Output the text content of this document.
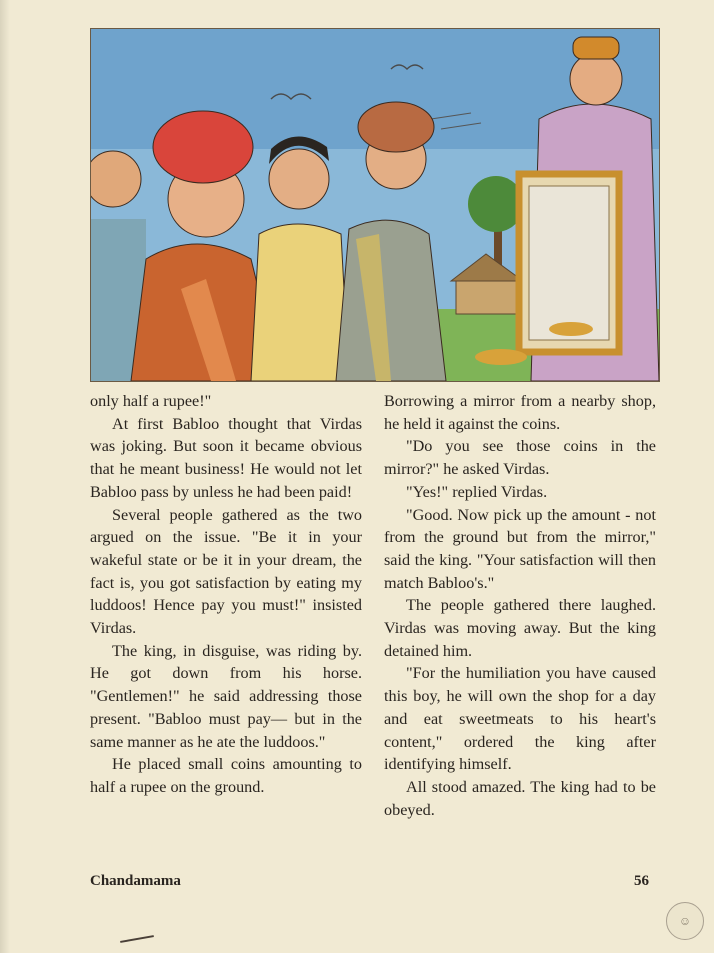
only half a rupee!"

At first Babloo thought that Virdas was joking. But soon it became obvious that he meant business! He would not let Babloo pass by unless he had been paid!

Several people gathered as the two argued on the issue. "Be it in your wakeful state or be it in your dream, the fact is, you got satisfaction by eating my luddoos! Hence pay you must!" insisted Virdas.

The king, in disguise, was riding by. He got down from his horse. "Gentlemen!" he said addressing those present. "Babloo must pay— but in the same manner as he ate the luddoos."

He placed small coins amounting to half a rupee on the ground.

Borrowing a mirror from a nearby shop, he held it against the coins.

"Do you see those coins in the mirror?" he asked Virdas.

"Yes!" replied Virdas.

"Good. Now pick up the amount - not from the ground but from the mirror," said the king. "Your satisfaction will then match Babloo's."

The people gathered there laughed. Virdas was moving away. But the king detained him.

"For the humiliation you have caused this boy, he will own the shop for a day and eat sweetmeats to his heart's content," ordered the king after identifying himself.

All stood amazed. The king had to be obeyed.

Chandamama	56
☺
